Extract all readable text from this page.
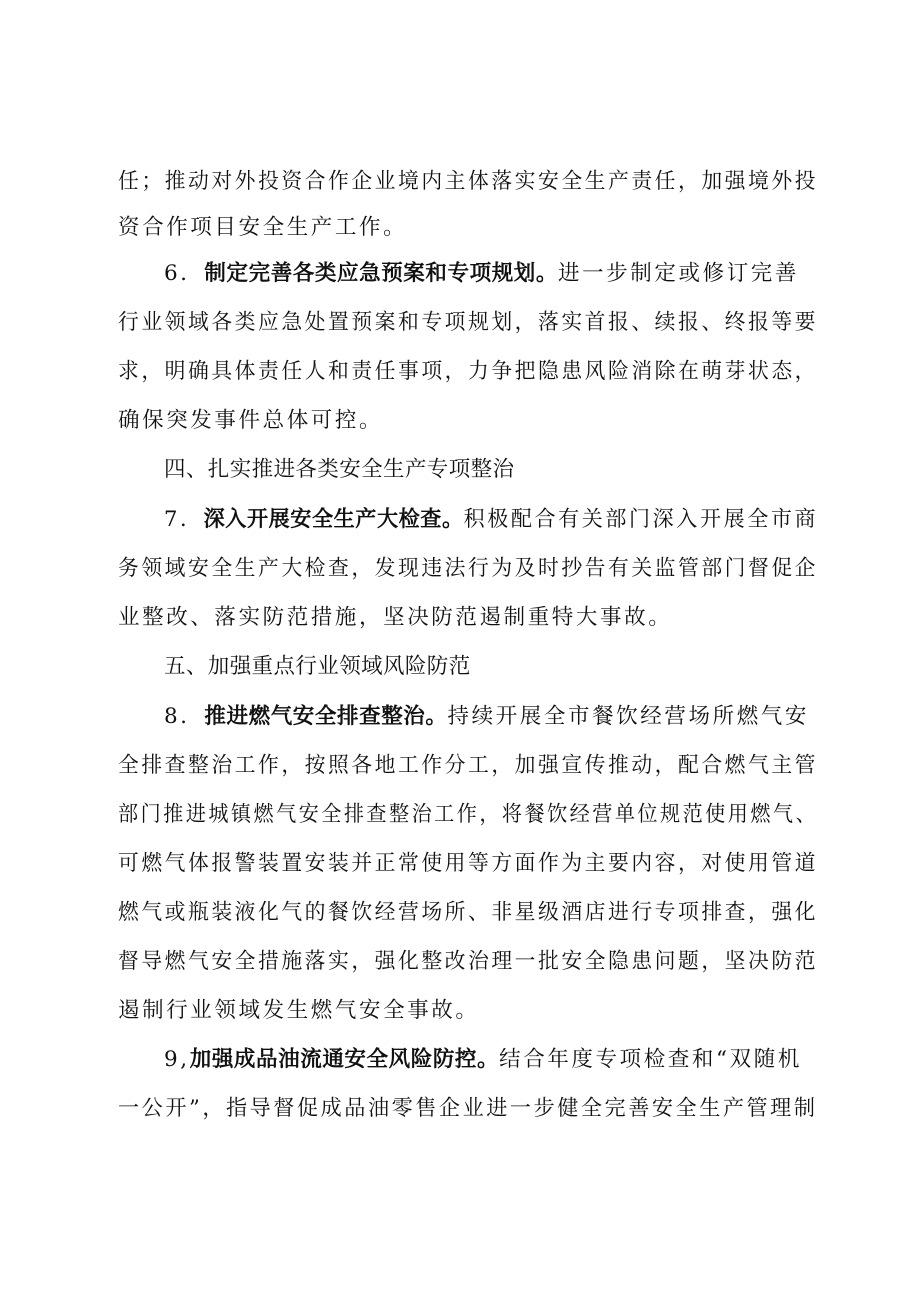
任；推动对外投资合作企业境内主体落实安全生产责任，加强境外投
资合作项目安全生产工作。
6．制定完善各类应急预案和专项规划。进一步制定或修订完善
行业领域各类应急处置预案和专项规划，落实首报、续报、终报等要
求，明确具体责任人和责任事项，力争把隐患风险消除在萌芽状态，
确保突发事件总体可控。
四、扎实推进各类安全生产专项整治
7．深入开展安全生产大检查。积极配合有关部门深入开展全市商
务领域安全生产大检查，发现违法行为及时抄告有关监管部门督促企
业整改、落实防范措施，坚决防范遏制重特大事故。
五、加强重点行业领域风险防范
8．推进燃气安全排查整治。持续开展全市餐饮经营场所燃气安
全排查整治工作，按照各地工作分工，加强宣传推动，配合燃气主管
部门推进城镇燃气安全排查整治工作，将餐饮经营单位规范使用燃气、
可燃气体报警装置安装并正常使用等方面作为主要内容，对使用管道
燃气或瓶装液化气的餐饮经营场所、非星级酒店进行专项排查，强化
督导燃气安全措施落实，强化整改治理一批安全隐患问题，坚决防范
遏制行业领域发生燃气安全事故。
9,加强成品油流通安全风险防控。结合年度专项检查和“双随机
一公开”，指导督促成品油零售企业进一步健全完善安全生产管理制
